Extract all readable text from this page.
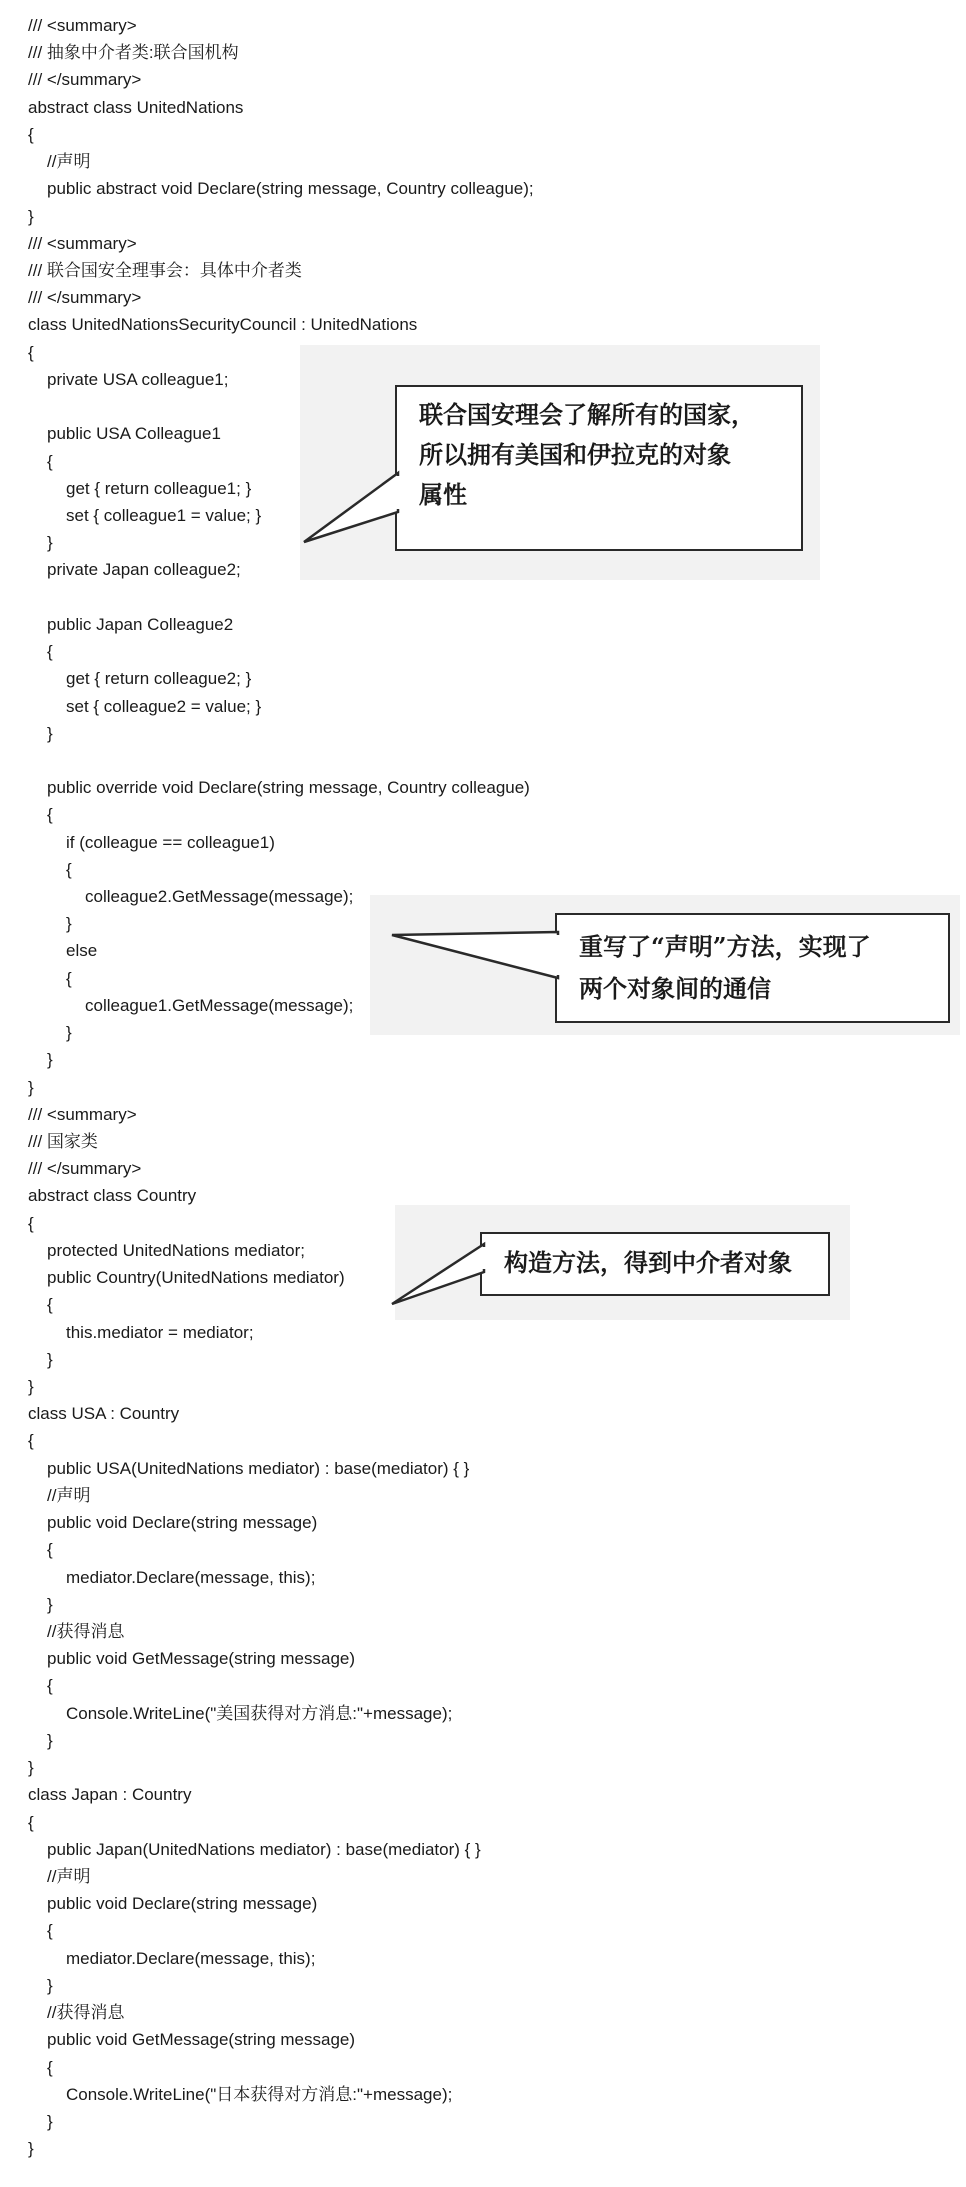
/// <summary>
/// 抽象中介者类:联合国机构
/// </summary>
abstract class UnitedNations
{
//声明
public abstract void Declare(string message, Country colleague);
}
/// <summary>
/// 联合国安全理事会：具体中介者类
/// </summary>
class UnitedNationsSecurityCouncil : UnitedNations
{
private USA colleague1;
public USA Colleague1
{
get { return colleague1; }
set { colleague1 = value; }
}
private Japan colleague2;
public Japan Colleague2
{
get { return colleague2; }
set { colleague2 = value; }
}
public override void Declare(string message, Country colleague)
{
if (colleague == colleague1)
{
colleague2.GetMessage(message);
}
else
{
colleague1.GetMessage(message);
}
}
}
/// <summary>
/// 国家类
/// </summary>
abstract class Country
{
protected UnitedNations mediator;
public Country(UnitedNations mediator)
{
this.mediator = mediator;
}
}
class USA : Country
{
public USA(UnitedNations mediator) : base(mediator) { }
//声明
public void Declare(string message)
{
mediator.Declare(message, this);
}
//获得消息
public void GetMessage(string message)
{
Console.WriteLine("美国获得对方消息:"+message);
}
}
class Japan : Country
{
public Japan(UnitedNations mediator) : base(mediator) { }
//声明
public void Declare(string message)
{
mediator.Declare(message, this);
}
//获得消息
public void GetMessage(string message)
{
Console.WriteLine("日本获得对方消息:"+message);
}
}
联合国安理会了解所有的国家，
所以拥有美国和伊拉克的对象
属性
重写了“声明”方法，实现了
两个对象间的通信
构造方法，得到中介者对象
